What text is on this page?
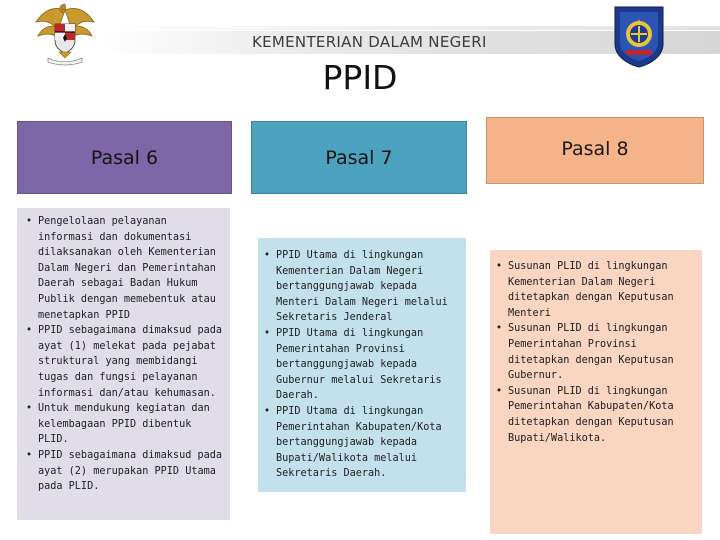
KEMENTERIAN DALAM NEGERI
PPID
Pasal 6	Pasal 7	Pasal 8
• Pengelolaan pelayanan informasi dan dokumentasi dilaksanakan oleh Kementerian Dalam Negeri dan Pemerintahan Daerah sebagai Badan Hukum Publik dengan memebentuk atau menetapkan PPID
• PPID sebagaimana dimaksud pada ayat (1) melekat pada pejabat struktural yang membidangi tugas dan fungsi pelayanan informasi dan/atau kehumasan.
• Untuk mendukung kegiatan dan kelembagaan PPID dibentuk PLID.
• PPID sebagaimana dimaksud pada ayat (2) merupakan PPID Utama pada PLID.
• PPID Utama di lingkungan Kementerian Dalam Negeri bertanggungjawab kepada Menteri Dalam Negeri melalui Sekretaris Jenderal
• PPID Utama di lingkungan Pemerintahan Provinsi bertanggungjawab kepada Gubernur melalui Sekretaris Daerah.
• PPID Utama di lingkungan Pemerintahan Kabupaten/Kota bertanggungjawab kepada Bupati/Walikota melalui Sekretaris Daerah.
• Susunan PLID di lingkungan Kementerian Dalam Negeri ditetapkan dengan Keputusan Menteri
• Susunan PLID di lingkungan Pemerintahan Provinsi ditetapkan dengan Keputusan Gubernur.
• Susunan PLID di lingkungan Pemerintahan Kabupaten/Kota ditetapkan dengan Keputusan Bupati/Walikota.
